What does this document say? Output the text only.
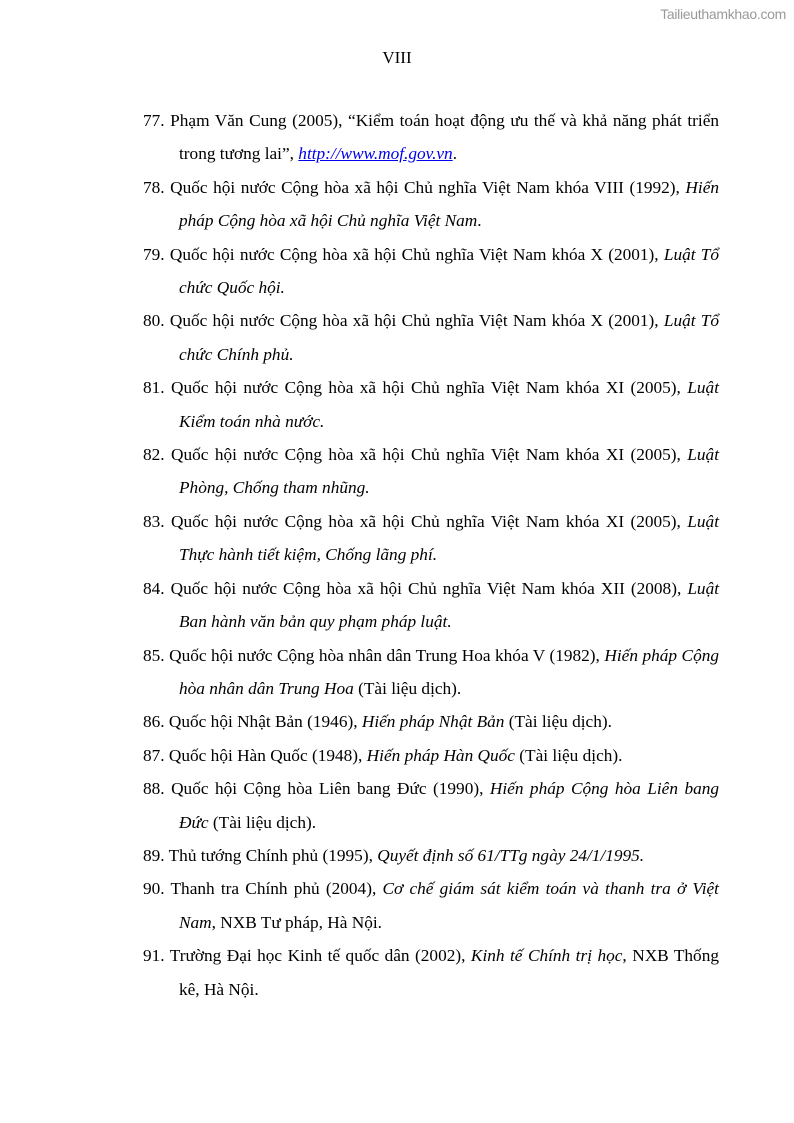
Tailieuthamkhao.com
VIII
77. Phạm Văn Cung (2005), “Kiểm toán hoạt động ưu thế và khả năng phát triển trong tương lai”, http://www.mof.gov.vn.
78. Quốc hội nước Cộng hòa xã hội Chủ nghĩa Việt Nam khóa VIII (1992), Hiến pháp Cộng hòa xã hội Chủ nghĩa Việt Nam.
79. Quốc hội nước Cộng hòa xã hội Chủ nghĩa Việt Nam khóa X (2001), Luật Tổ chức Quốc hội.
80. Quốc hội nước Cộng hòa xã hội Chủ nghĩa Việt Nam khóa X (2001), Luật Tổ chức Chính phủ.
81. Quốc hội nước Cộng hòa xã hội Chủ nghĩa Việt Nam khóa XI (2005), Luật Kiểm toán nhà nước.
82. Quốc hội nước Cộng hòa xã hội Chủ nghĩa Việt Nam khóa XI (2005), Luật Phòng, Chống tham nhũng.
83. Quốc hội nước Cộng hòa xã hội Chủ nghĩa Việt Nam khóa XI (2005), Luật Thực hành tiết kiệm, Chống lãng phí.
84. Quốc hội nước Cộng hòa xã hội Chủ nghĩa Việt Nam khóa XII (2008), Luật Ban hành văn bản quy phạm pháp luật.
85. Quốc hội nước Cộng hòa nhân dân Trung Hoa khóa V (1982), Hiến pháp Cộng hòa nhân dân Trung Hoa (Tài liệu dịch).
86. Quốc hội Nhật Bản (1946), Hiến pháp Nhật Bản (Tài liệu dịch).
87. Quốc hội Hàn Quốc (1948), Hiến pháp Hàn Quốc (Tài liệu dịch).
88. Quốc hội Cộng hòa Liên bang Đức (1990), Hiến pháp Cộng hòa Liên bang Đức (Tài liệu dịch).
89. Thủ tướng Chính phủ (1995), Quyết định số 61/TTg ngày 24/1/1995.
90. Thanh tra Chính phủ (2004), Cơ chế giám sát kiểm toán và thanh tra ở Việt Nam, NXB Tư pháp, Hà Nội.
91. Trường Đại học Kinh tế quốc dân (2002), Kinh tế Chính trị học, NXB Thống kê, Hà Nội.
